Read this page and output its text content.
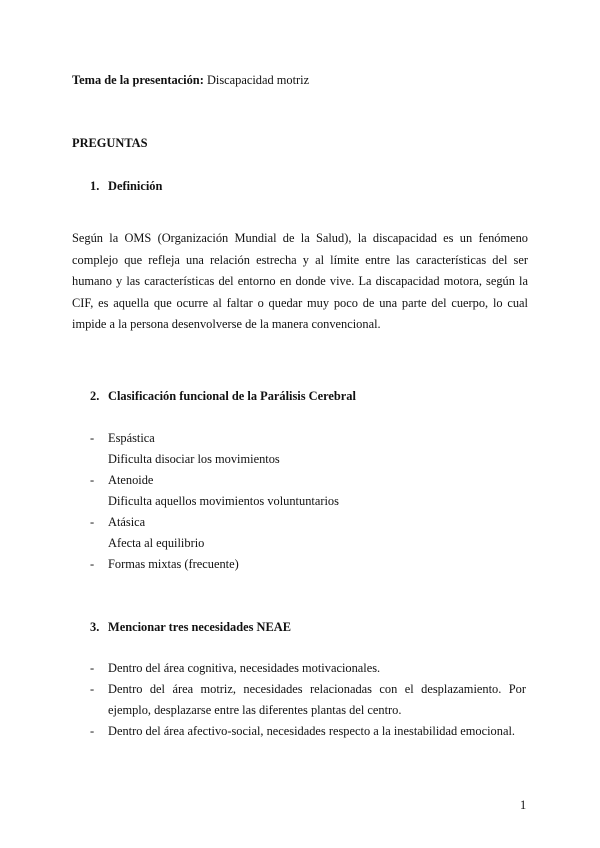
Tema de la presentación: Discapacidad motriz
PREGUNTAS
1. Definición
Según la OMS (Organización Mundial de la Salud), la discapacidad es un fenómeno complejo que refleja una relación estrecha y al límite entre las características del ser humano y las características del entorno en donde vive. La discapacidad motora, según la CIF, es aquella que ocurre al faltar o quedar muy poco de una parte del cuerpo, lo cual impide a la persona desenvolverse de la manera convencional.
2. Clasificación funcional de la Parálisis Cerebral
- Espástica
Dificulta disociar los movimientos
- Atenoide
Dificulta aquellos movimientos voluntuntarios
- Atásica
Afecta al equilibrio
- Formas mixtas (frecuente)
3. Mencionar tres necesidades NEAE
- Dentro del área cognitiva, necesidades motivacionales.
- Dentro del área motriz, necesidades relacionadas con el desplazamiento. Por ejemplo, desplazarse entre las diferentes plantas del centro.
- Dentro del área afectivo-social, necesidades respecto a la inestabilidad emocional.
1
